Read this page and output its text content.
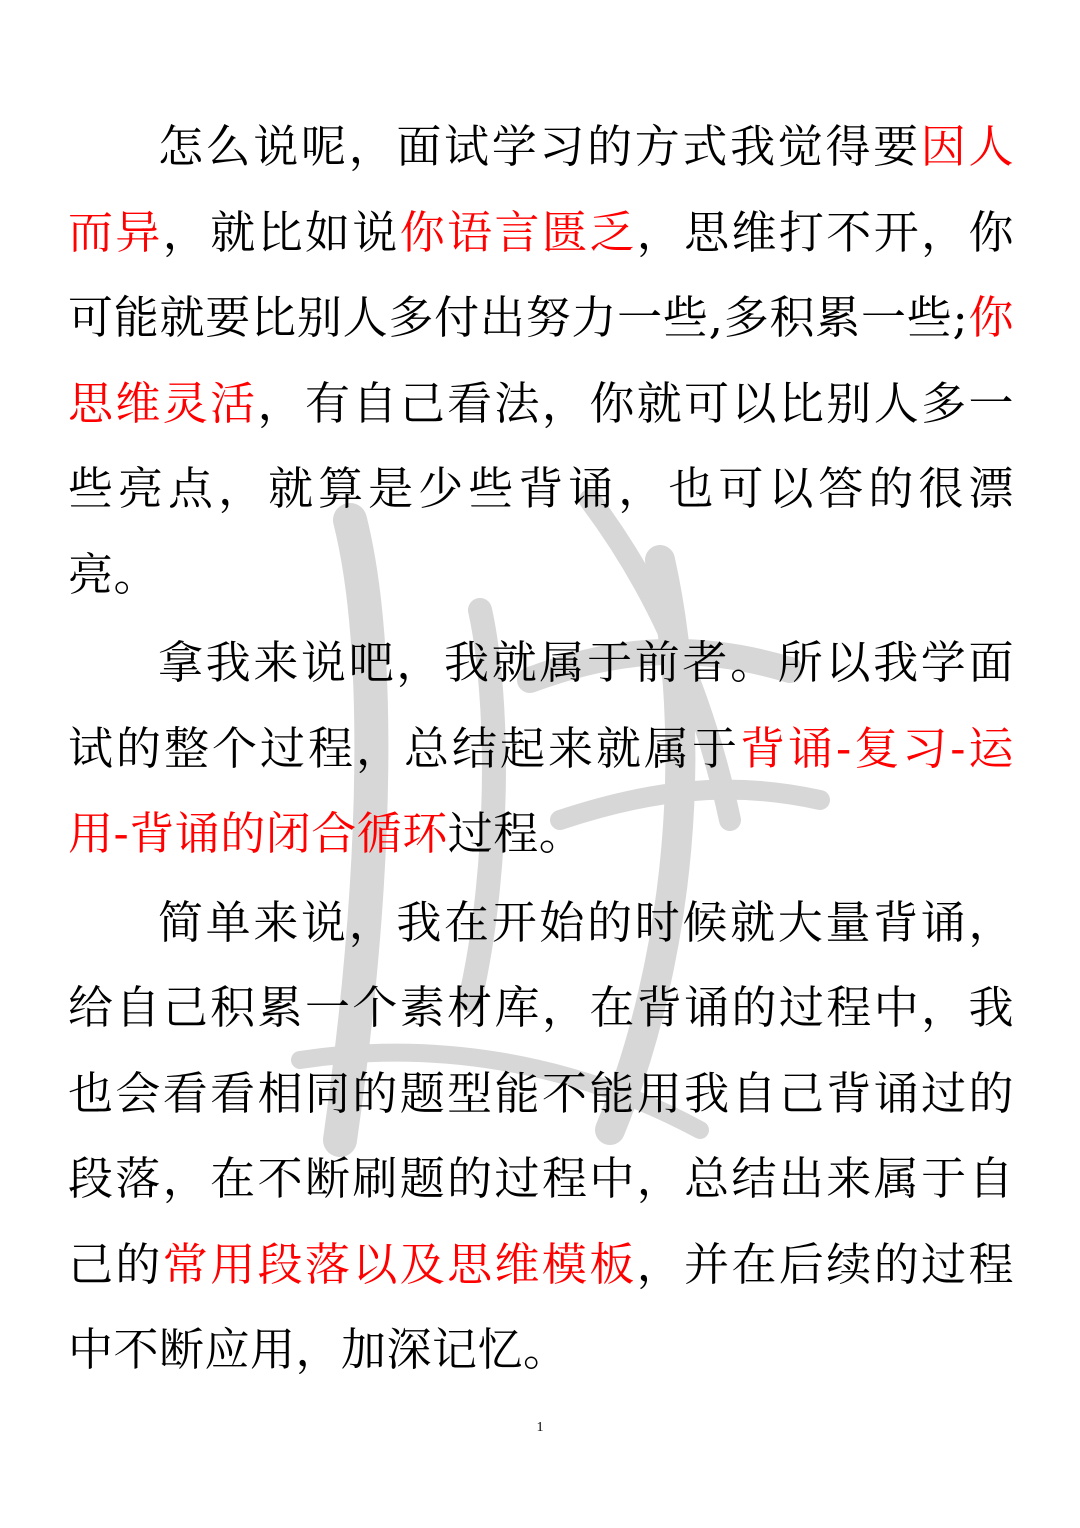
怎么说呢，面试学习的方式我觉得要因人而异，就比如说你语言匮乏，思维打不开，你可能就要比别人多付出努力一些,多积累一些;你思维灵活，有自己看法，你就可以比别人多一些亮点，就算是少些背诵，也可以答的很漂亮。

拿我来说吧，我就属于前者。所以我学面试的整个过程，总结起来就属于背诵-复习-运用-背诵的闭合循环过程。

简单来说，我在开始的时候就大量背诵，给自己积累一个素材库，在背诵的过程中，我也会看看相同的题型能不能用我自己背诵过的段落，在不断刷题的过程中，总结出来属于自己的常用段落以及思维模板，并在后续的过程中不断应用，加深记忆。

1
